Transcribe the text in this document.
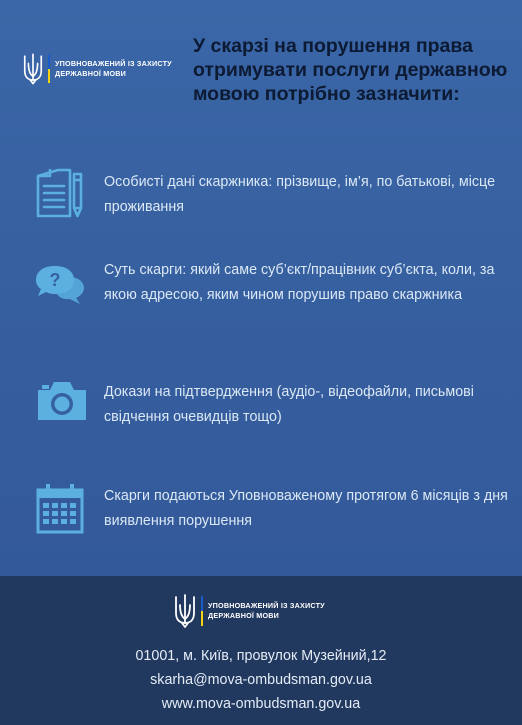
УПОВНОВАЖЕНИЙ ІЗ ЗАХИСТУ
ДЕРЖАВНОЇ МОВИ
У скарзі на порушення права отримувати послуги державною мовою потрібно зазначити:
Особисті дані скаржника: прізвище, ім’я, по батькові, місце проживання
?	Суть скарги: який саме суб’єкт/працівник суб’єкта, коли, за якою адресою, яким чином порушив право скаржника
Докази на підтвердження (аудіо-, відеофайли, письмові свідчення очевидців тощо)
Скарги подаються Уповноваженому протягом 6 місяців з дня виявлення порушення
УПОВНОВАЖЕНИЙ ІЗ ЗАХИСТУ
ДЕРЖАВНОЇ МОВИ
01001, м. Київ, провулок Музейний,12
skarha@mova-ombudsman.gov.ua
www.mova-ombudsman.gov.ua
